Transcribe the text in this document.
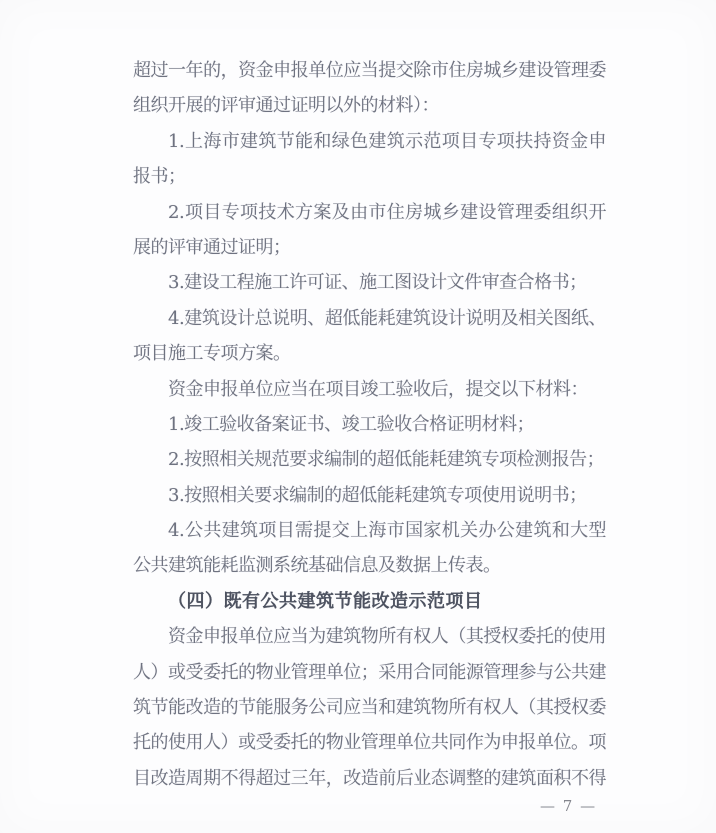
超过一年的，资金申报单位应当提交除市住房城乡建设管理委

组织开展的评审通过证明以外的材料）：

1.上海市建筑节能和绿色建筑示范项目专项扶持资金申

报书；

2.项目专项技术方案及由市住房城乡建设管理委组织开

展的评审通过证明；

3.建设工程施工许可证、施工图设计文件审查合格书；

4.建筑设计总说明、超低能耗建筑设计说明及相关图纸、

项目施工专项方案。

资金申报单位应当在项目竣工验收后，提交以下材料：

1.竣工验收备案证书、竣工验收合格证明材料；

2.按照相关规范要求编制的超低能耗建筑专项检测报告；

3.按照相关要求编制的超低能耗建筑专项使用说明书；

4.公共建筑项目需提交上海市国家机关办公建筑和大型

公共建筑能耗监测系统基础信息及数据上传表。

（四）既有公共建筑节能改造示范项目

资金申报单位应当为建筑物所有权人（其授权委托的使用

人）或受委托的物业管理单位；采用合同能源管理参与公共建

筑节能改造的节能服务公司应当和建筑物所有权人（其授权委

托的使用人）或受委托的物业管理单位共同作为申报单位。项

目改造周期不得超过三年，改造前后业态调整的建筑面积不得

— 7 —
